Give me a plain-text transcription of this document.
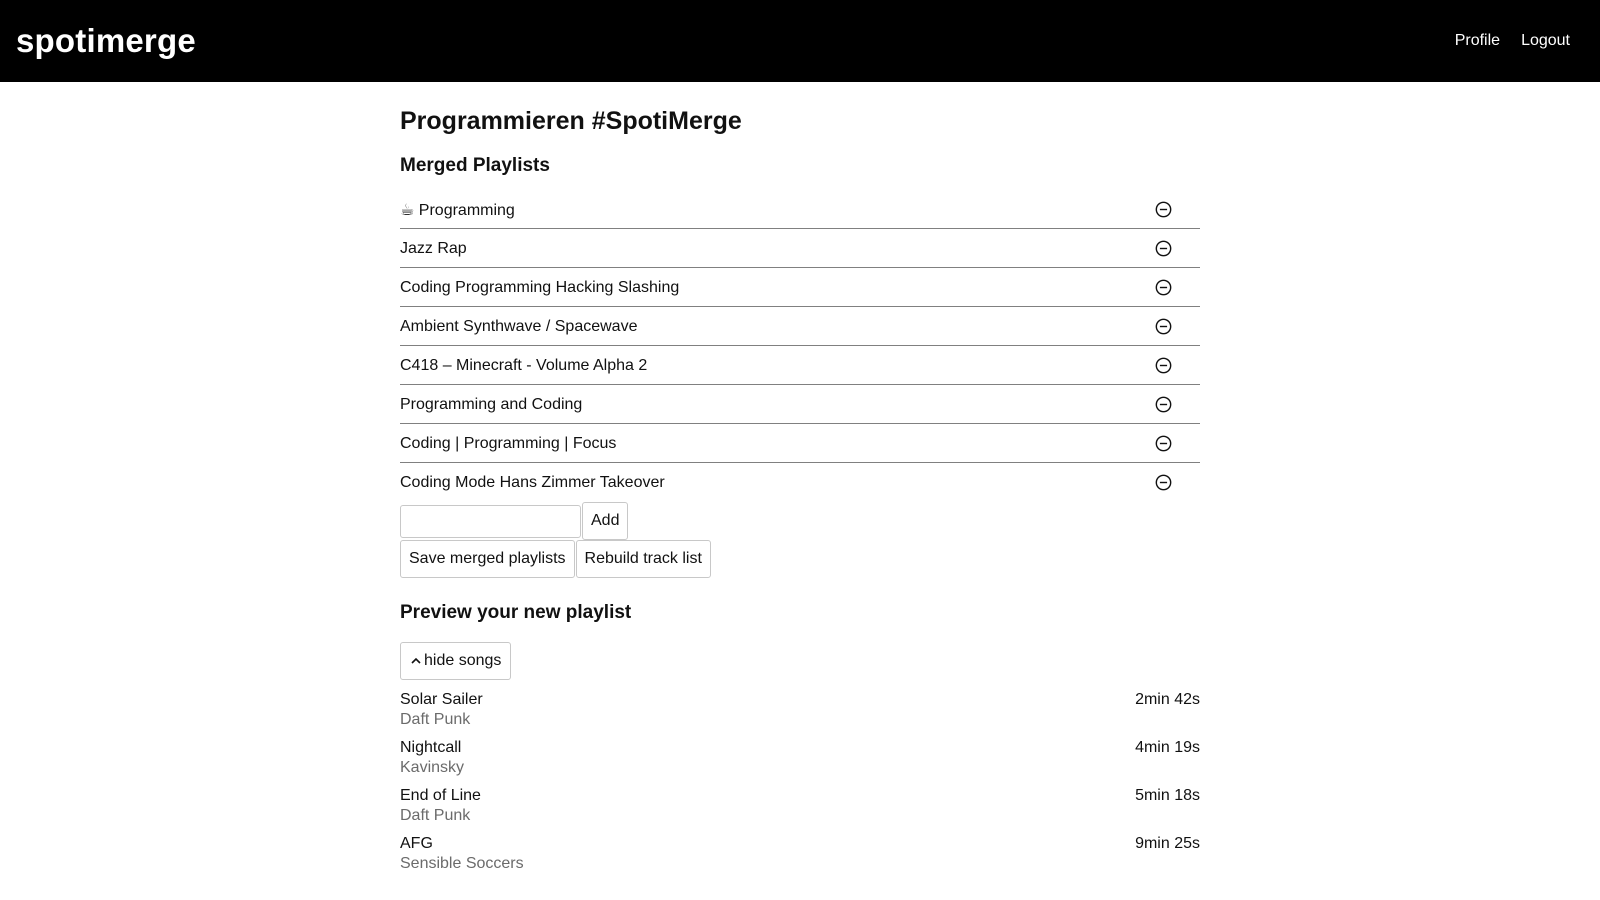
spotimerge	Profile Logout
Programmieren #SpotiMerge
Merged Playlists
☕ Programming
Jazz Rap
Coding Programming Hacking Slashing
Ambient Synthwave / Spacewave
C418 – Minecraft - Volume Alpha 2
Programming and Coding
Coding | Programming | Focus
Coding Mode Hans Zimmer Takeover
Add
Save merged playlists	Rebuild track list
Preview your new playlist
hide songs
Solar Sailer
Daft Punk
2min 42s
Nightcall
Kavinsky
4min 19s
End of Line
Daft Punk
5min 18s
AFG
Sensible Soccers
9min 25s
